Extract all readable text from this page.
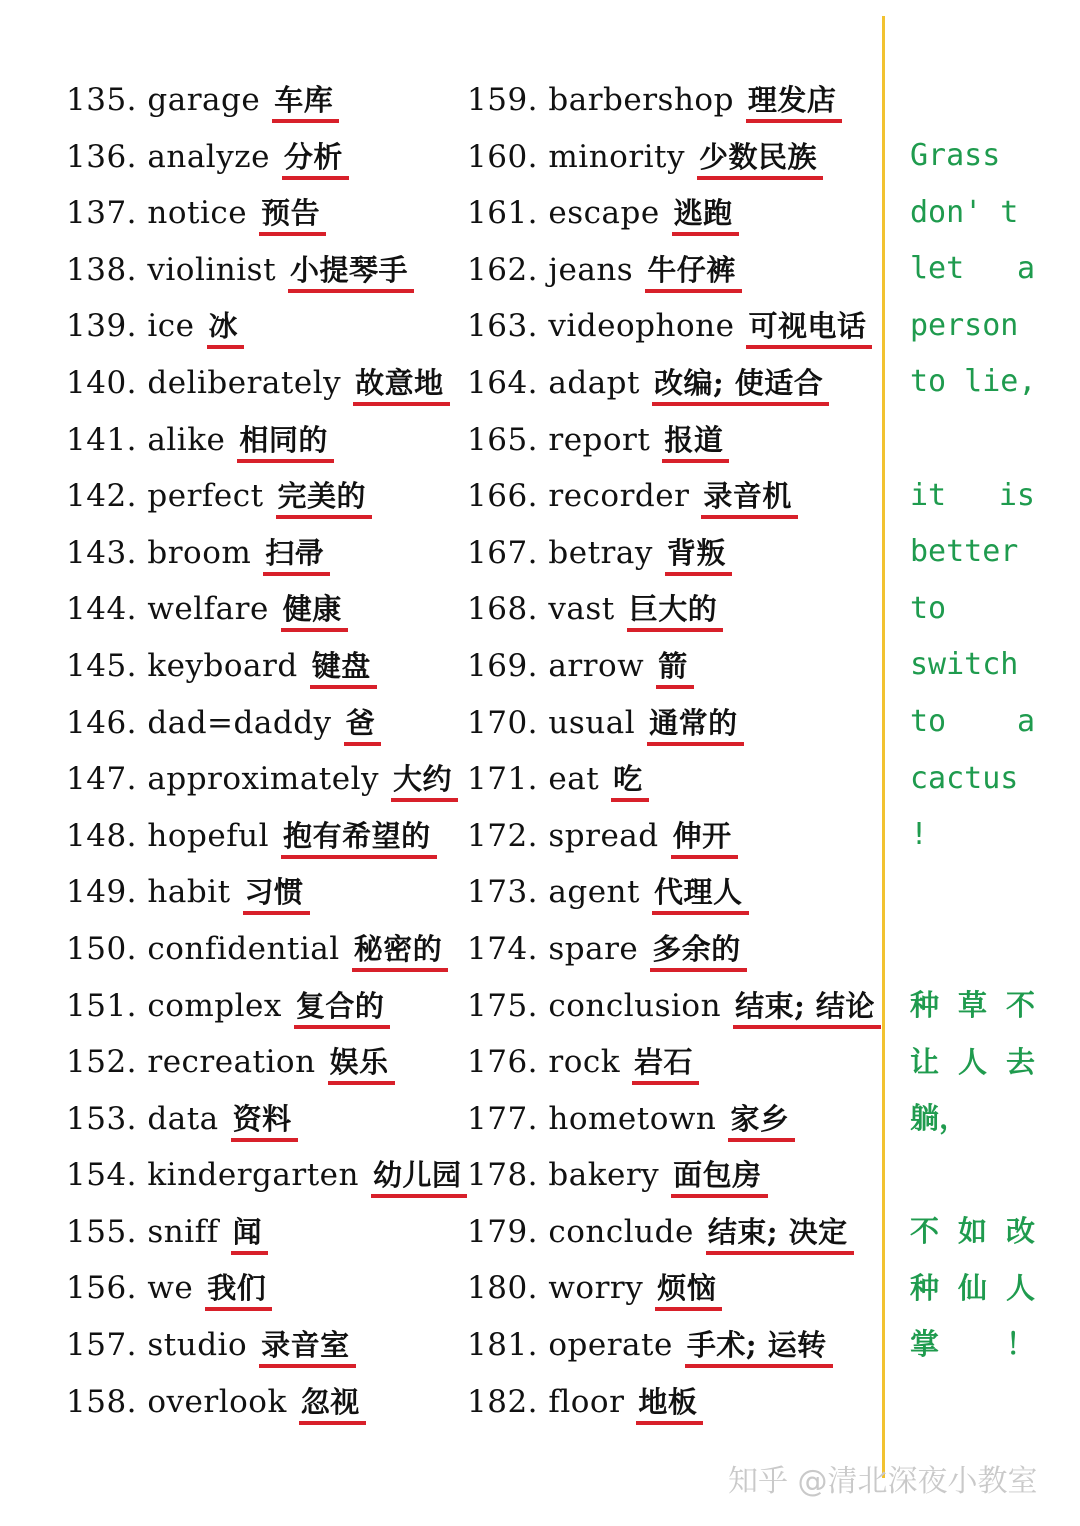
135. garage 车库
136. analyze 分析
137. notice 预告
138. violinist 小提琴手
139. ice 冰
140. deliberately 故意地
141. alike 相同的
142. perfect 完美的
143. broom 扫帚
144. welfare 健康
145. keyboard 键盘
146. dad=daddy 爸
147. approximately 大约
148. hopeful 抱有希望的
149. habit 习惯
150. confidential 秘密的
151. complex 复合的
152. recreation 娱乐
153. data 资料
154. kindergarten 幼儿园
155. sniff 闻
156. we 我们
157. studio 录音室
158. overlook 忽视
159. barbershop 理发店
160. minority 少数民族
161. escape 逃跑
162. jeans 牛仔裤
163. videophone 可视电话
164. adapt 改编; 使适合
165. report 报道
166. recorder 录音机
167. betray 背叛
168. vast 巨大的
169. arrow 箭
170. usual 通常的
171. eat 吃
172. spread 伸开
173. agent 代理人
174. spare 多余的
175. conclusion 结束; 结论
176. rock 岩石
177. hometown 家乡
178. bakery 面包房
179. conclude 结束; 决定
180. worry 烦恼
181. operate 手术; 运转
182. floor 地板
Grass
don' t
let a
person
to lie,
it is
better
to
switch
to a
cactus
!
种 草 不
让 人 去
躺，
不 如 改
种 仙 人
掌 ！
知乎 @清北深夜小教室
